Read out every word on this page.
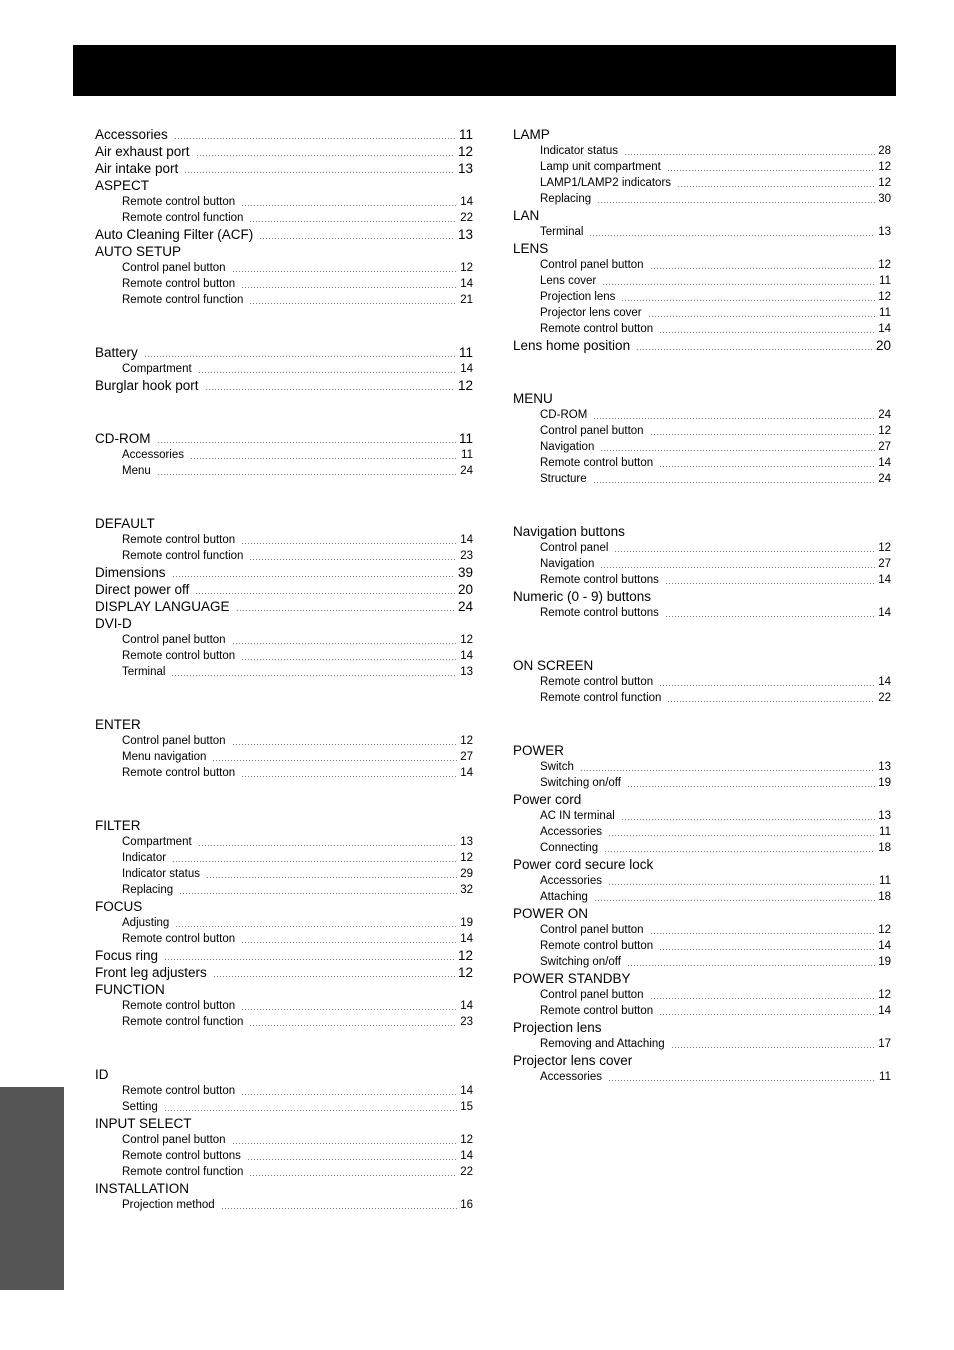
Accessories	11
Air exhaust port	12
Air intake port	13
ASPECT
Remote control button	14
Remote control function	22
Auto Cleaning Filter (ACF)	13
AUTO SETUP
Control panel button	12
Remote control button	14
Remote control function	21
Battery	11
Compartment	14
Burglar hook port	12
CD-ROM	11
Accessories	11
Menu	24
DEFAULT
Remote control button	14
Remote control function	23
Dimensions	39
Direct power off	20
DISPLAY LANGUAGE	24
DVI-D
Control panel button	12
Remote control button	14
Terminal	13
ENTER
Control panel button	12
Menu navigation	27
Remote control button	14
FILTER
Compartment	13
Indicator	12
Indicator status	29
Replacing	32
FOCUS
Adjusting	19
Remote control button	14
Focus ring	12
Front leg adjusters	12
FUNCTION
Remote control button	14
Remote control function	23
ID
Remote control button	14
Setting	15
INPUT SELECT
Control panel button	12
Remote control buttons	14
Remote control function	22
INSTALLATION
Projection method	16
LAMP
Indicator status	28
Lamp unit compartment	12
LAMP1/LAMP2 indicators	12
Replacing	30
LAN
Terminal	13
LENS
Control panel button	12
Lens cover	11
Projection lens	12
Projector lens cover	11
Remote control button	14
Lens home position	20
MENU
CD-ROM	24
Control panel button	12
Navigation	27
Remote control button	14
Structure	24
Navigation buttons
Control panel	12
Navigation	27
Remote control buttons	14
Numeric (0 - 9) buttons
Remote control buttons	14
ON SCREEN
Remote control button	14
Remote control function	22
POWER
Switch	13
Switching on/off	19
Power cord
AC IN terminal	13
Accessories	11
Connecting	18
Power cord secure lock
Accessories	11
Attaching	18
POWER ON
Control panel button	12
Remote control button	14
Switching on/off	19
POWER STANDBY
Control panel button	12
Remote control button	14
Projection lens
Removing and Attaching	17
Projector lens cover
Accessories	11
